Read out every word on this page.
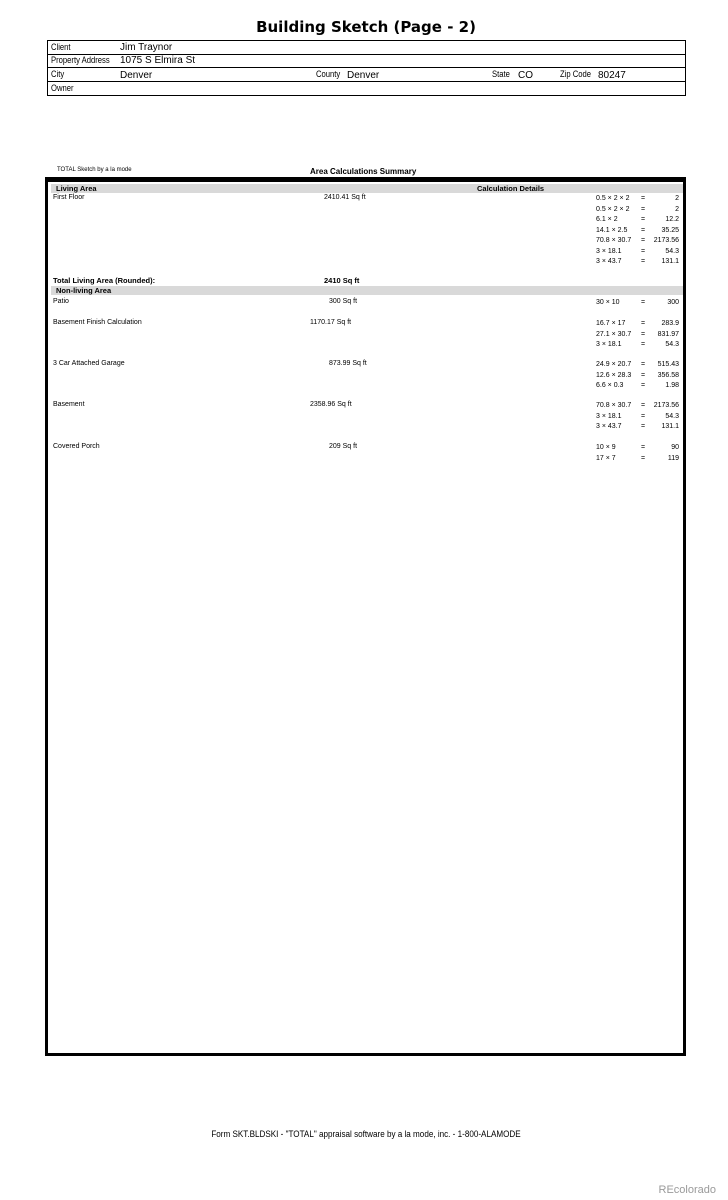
Building Sketch (Page - 2)
Client	Jim Traynor
Property Address 1075 S Elmira St
City	Denver	County Denver	State CO	Zip Code 80247
Owner
TOTAL Sketch by a la mode	Area Calculations Summary
Living Area	Calculation Details
First Floor	2410.41 Sq ft	0.5 × 2 × 2 =	2
0.5 × 2 × 2 =	2
6.1 × 2	=	12.2
14.1 × 2.5 = 35.25
70.8 × 30.7 = 2173.56
3 × 18.1	=	54.3
3 × 43.7	= 131.1
Total Living Area (Rounded):	2410 Sq ft
Non-living Area
Patio	300 Sq ft	30 × 10	=	300
Basement Finish Calculation	1170.17 Sq ft	16.7 × 17 = 283.9
27.1 × 30.7 = 831.97
3 × 18.1	=	54.3
3 Car Attached Garage	873.99 Sq ft	24.9 × 20.7 = 515.43
12.6 × 28.3 = 356.58
6.6 × 0.3	=	1.98
Basement	2358.96 Sq ft	70.8 × 30.7 = 2173.56
3 × 18.1	=	54.3
3 × 43.7	= 131.1
Covered Porch	209 Sq ft	10 × 9	=	90
17 × 7	=	119
Form SKT.BLDSKI - "TOTAL" appraisal software by a la mode, inc. - 1-800-ALAMODE
REcolorado
